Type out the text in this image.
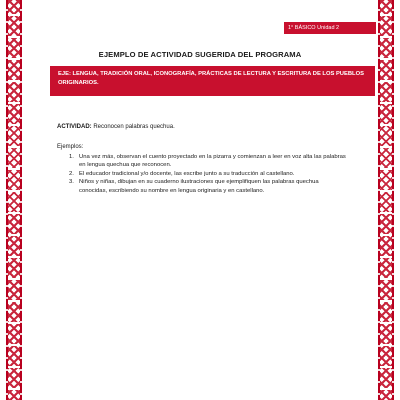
1° BÁSICO Unidad 2
EJEMPLO DE ACTIVIDAD SUGERIDA DEL PROGRAMA
EJE: LENGUA, TRADICIÓN ORAL, ICONOGRAFÍA, PRÁCTICAS DE LECTURA Y ESCRITURA DE LOS PUEBLOS ORIGINARIOS.
ACTIVIDAD: Reconocen palabras quechua.
Ejemplos:
1. Una vez más, observan el cuento proyectado en la pizarra y comienzan a leer en voz alta las palabras en lengua quechua que reconocen.
2. El educador tradicional y/o docente, las escribe junto a su traducción al castellano.
3. Niños y niñas, dibujan en su cuaderno ilustraciones que ejemplifiquen las palabras quechua conocidas, escribiendo su nombre en lengua originaria y en castellano.
